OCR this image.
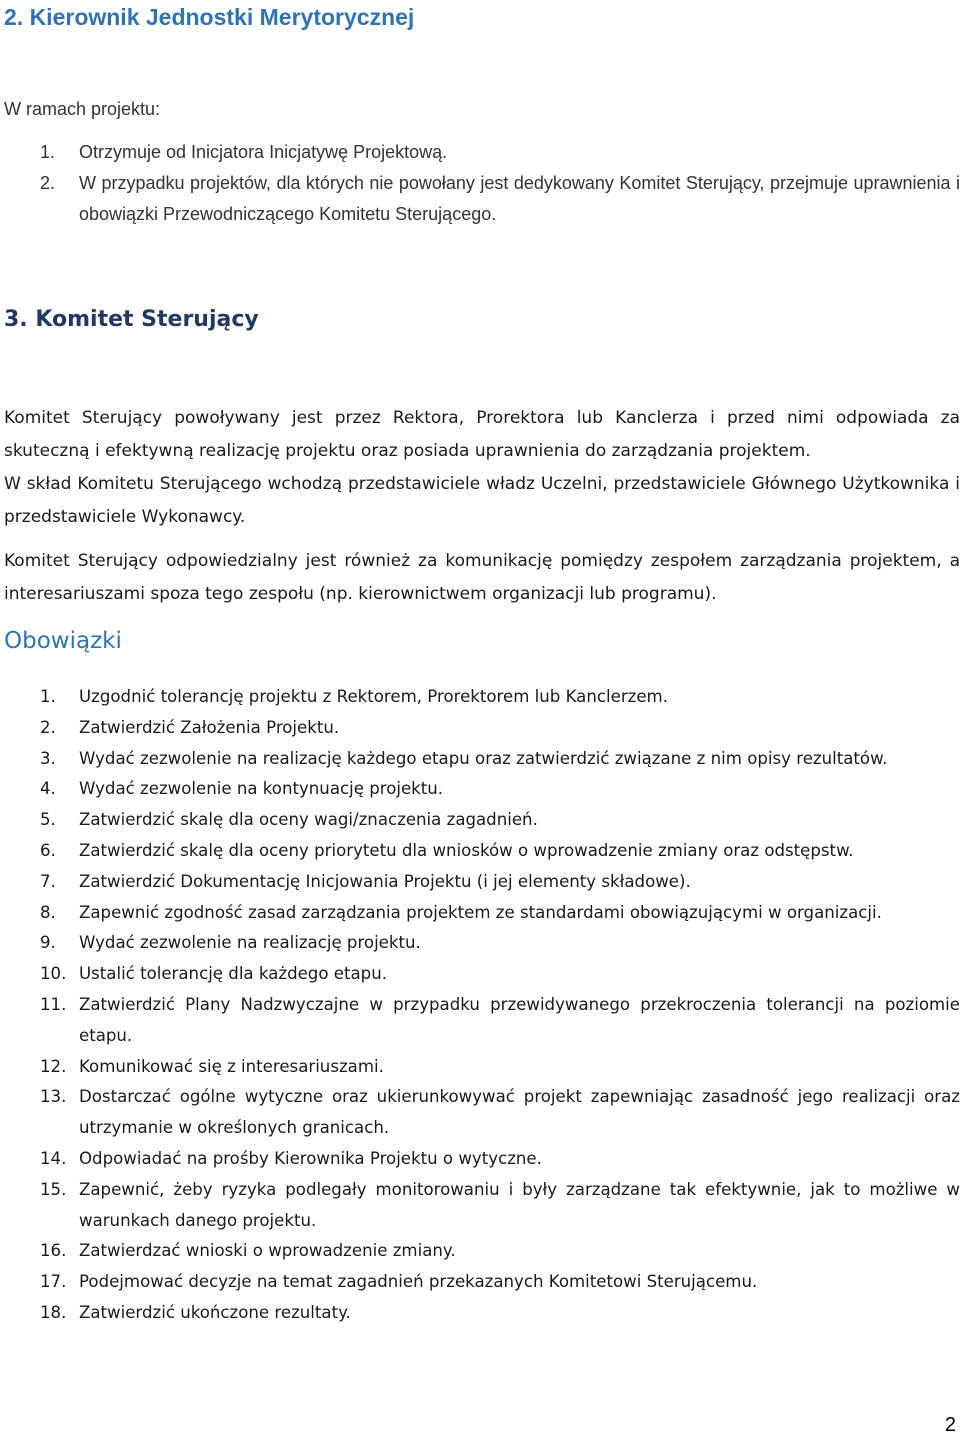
2. Kierownik Jednostki Merytorycznej

W ramach projektu:

1.	Otrzymuje od Inicjatora Inicjatywę Projektową.
2.	W przypadku projektów, dla których nie powołany jest dedykowany Komitet Sterujący, przejmuje uprawnienia i obowiązki Przewodniczącego Komitetu Sterującego.
3. Komitet Sterujący

Komitet Sterujący powoływany jest przez Rektora, Prorektora lub Kanclerza i przed nimi odpowiada za skuteczną i efektywną realizację projektu oraz posiada uprawnienia do zarządzania projektem.

W skład Komitetu Sterującego wchodzą przedstawiciele władz Uczelni, przedstawiciele Głównego Użytkownika i przedstawiciele Wykonawcy.

Komitet Sterujący odpowiedzialny jest również za komunikację pomiędzy zespołem zarządzania projektem, a interesariuszami spoza tego zespołu (np. kierownictwem organizacji lub programu).

Obowiązki
1.	Uzgodnić tolerancję projektu z Rektorem, Prorektorem lub Kanclerzem.
2.	Zatwierdzić Założenia Projektu.
3.	Wydać zezwolenie na realizację każdego etapu oraz zatwierdzić związane z nim opisy rezultatów.
4.	Wydać zezwolenie na kontynuację projektu.
5.	Zatwierdzić skalę dla oceny wagi/znaczenia zagadnień.
6.	Zatwierdzić skalę dla oceny priorytetu dla wniosków o wprowadzenie zmiany oraz odstępstw.
7.	Zatwierdzić Dokumentację Inicjowania Projektu (i jej elementy składowe).
8.	Zapewnić zgodność zasad zarządzania projektem ze standardami obowiązującymi w organizacji.
9.	Wydać zezwolenie na realizację projektu.
10. Ustalić tolerancję dla każdego etapu.
11. Zatwierdzić Plany Nadzwyczajne w przypadku przewidywanego przekroczenia tolerancji na poziomie etapu.
12. Komunikować się z interesariuszami.
13. Dostarczać ogólne wytyczne oraz ukierunkowywać projekt zapewniając zasadność jego realizacji oraz utrzymanie w określonych granicach.
14. Odpowiadać na prośby Kierownika Projektu o wytyczne.
15. Zapewnić, żeby ryzyka podlegały monitorowaniu i były zarządzane tak efektywnie, jak to możliwe w warunkach danego projektu.
16. Zatwierdzać wnioski o wprowadzenie zmiany.
17. Podejmować decyzje na temat zagadnień przekazanych Komitetowi Sterującemu.
18. Zatwierdzić ukończone rezultaty.
2
